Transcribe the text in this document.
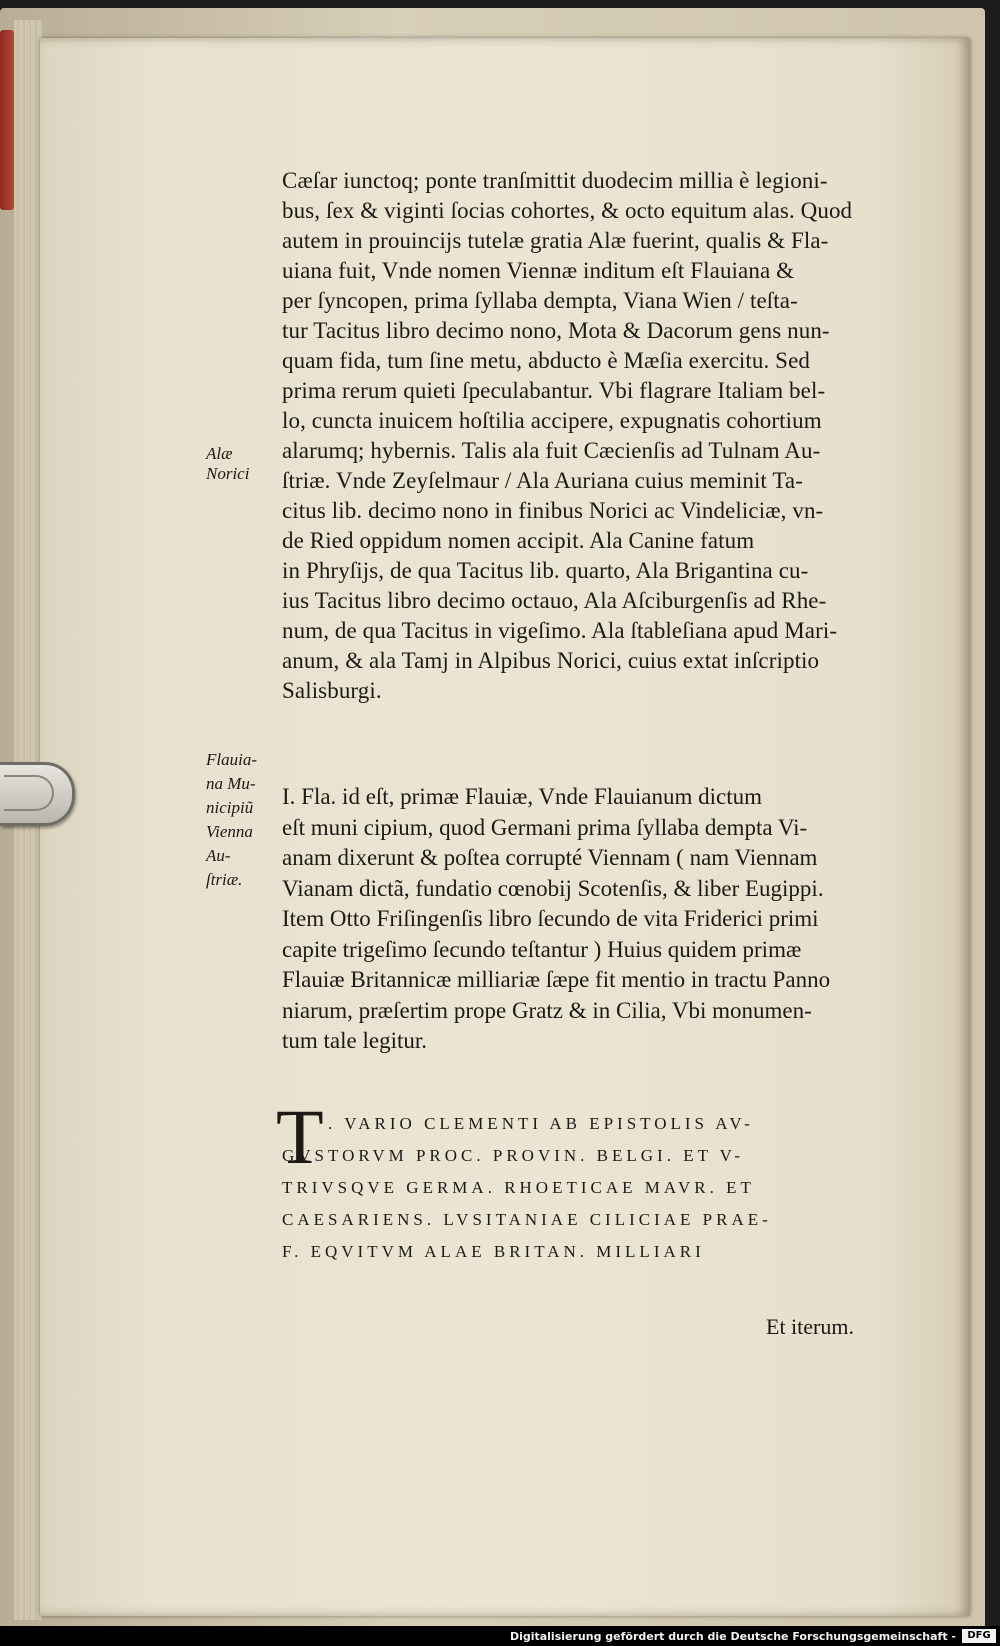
Cæſar iunctoq; ponte tranſmittit duodecim millia è legioni-
bus, ſex & viginti ſocias cohortes, & octo equitum alas. Quod
autem in prouincijs tutelæ gratia Alæ fuerint, qualis & Fla-
uiana fuit, Vnde nomen Viennæ inditum eſt Flauiana &
per ſyncopen, prima ſyllaba dempta, Viana Wien / teſta-
tur Tacitus libro decimo nono, Mota & Dacorum gens nun-
quam fida, tum ſine metu, abducto è Mæſia exercitu. Sed
prima rerum quieti ſpeculabantur. Vbi flagrare Italiam bel-
lo, cuncta inuicem hoſtilia accipere, expugnatis cohortium
alarumq; hybernis. Talis ala fuit Cæcienſis ad Tulnam Au-
ſtriæ. Vnde Zeyſelmaur / Ala Auriana cuius meminit Ta-
citus lib. decimo nono in finibus Norici ac Vindeliciæ, vn-
de Ried oppidum nomen accipit. Ala Canine fatum
in Phryſijs, de qua Tacitus lib. quarto, Ala Brigantina cu-
ius Tacitus libro decimo octauo, Ala Aſciburgenſis ad Rhe-
num, de qua Tacitus in vigeſimo. Ala ſtableſiana apud Mari-
anum, & ala Tamj in Alpibus Norici, cuius extat inſcriptio
Salisburgi.
Alæ
Norici
I. Fla. id eſt, primæ Flauiæ, Vnde Flauianum dictum
eſt muni cipium, quod Germani prima ſyllaba dempta Vi-
anam dixerunt & poſtea corrupté Viennam ( nam Viennam
Vianam dictã, fundatio cœnobij Scotenſis, & liber Eugippi.
Item Otto Friſingenſis libro ſecundo de vita Friderici primi
capite trigeſimo ſecundo teſtantur ) Huius quidem primæ
Flauiæ Britannicæ milliariæ ſæpe fit mentio in tractu Panno
niarum, præſertim prope Gratz & in Cilia, Vbi monumen-
tum tale legitur.
Flauia-
na Mu-
nicipiũ
Vienna
Au-
ſtriæ.
T . VARIO CLEMENTI AB EPISTOLIS AV-
GVSTORVM PROC. PROVIN. BELGI. ET V-
TRIVSQVE GERMA. RHOETICAE MAVR. ET
CAESARIENS. LVSITANIAE CILICIAE PRAE-
F. EQVITVM ALAE BRITAN. MILLIARI
Et iterum.
Digitalisierung gefördert durch die Deutsche Forschungsgemeinschaft -	DFG
